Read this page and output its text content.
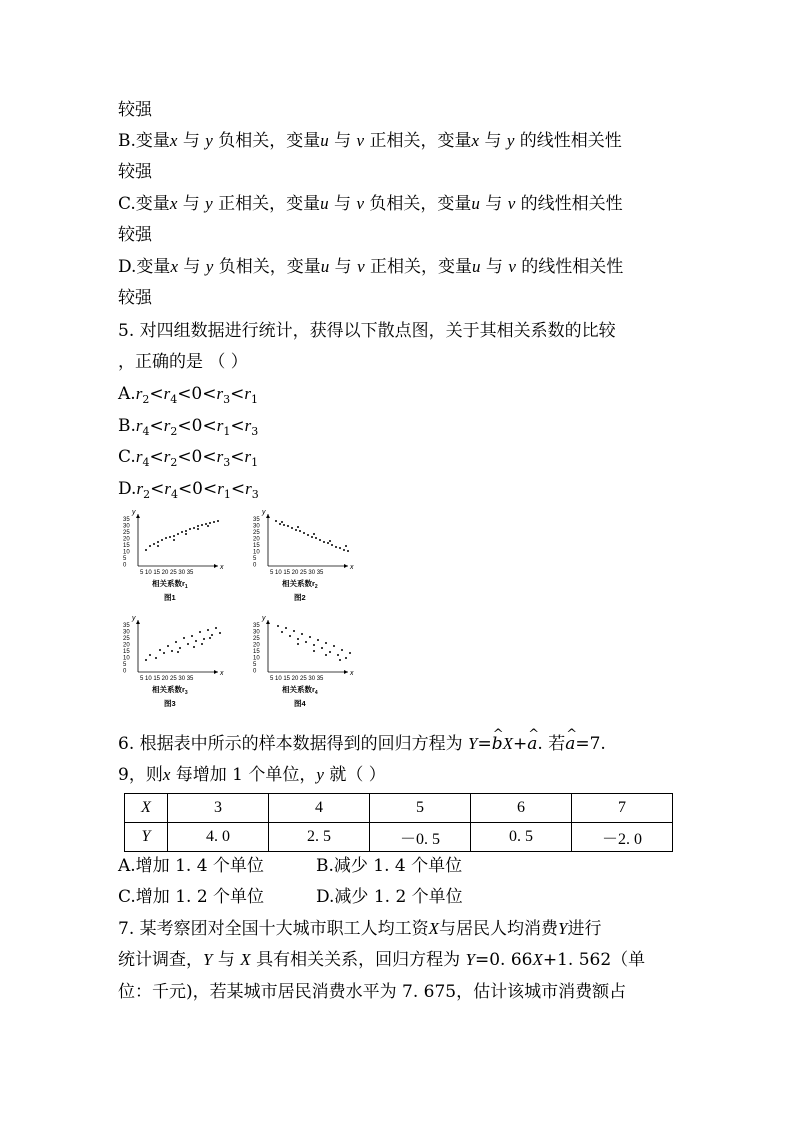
较强
B.变量x 与 y 负相关，变量u 与 v 正相关，变量x 与 y 的线性相关性
较强
C.变量x 与 y 正相关，变量u 与 v 负相关，变量u 与 v 的线性相关性
较强
D.变量x 与 y 负相关，变量u 与 v 正相关，变量u 与 v 的线性相关性
较强
5. 对四组数据进行统计，获得以下散点图，关于其相关系数的比较
，正确的是 （ ）
$A.r_2<r_4<0<r_3<r_1$
$B.r_4<r_2<0<r_1<r_3$
$C.r_4<r_2<0<r_3<r_1$
$D.r_2<r_4<0<r_1<r_3$
y
x
35
30
25
20
15
10
5
0
5 10 15 20 25 30 35
相关系数$r_1$
图1
y
x
35
30
25
20
15
10
5
0
5 10 15 20 25 30 35
相关系数$r_2$
图2
y
x
35
30
25
20
15
10
5
0
5 10 15 20 25 30 35
相关系数$r_3$
图3
y
x
35
30
25
20
15
10
5
0
5 10 15 20 25 30 35
相关系数$r_4$
图4
6. 根据表中所示的样本数据得到的回归方程为 Y=^ bX+^ a. 若^ a=7.
9，则x 每增加 1 个单位，y 就（ ）
X	3	4	5	6	7
Y	4. 0	2. 5	－0. 5	0. 5	－2. 0
A.增加 1. 4 个单位	B.减少 1. 4 个单位
C.增加 1. 2 个单位	D.减少 1. 2 个单位
7. 某考察团对全国十大城市职工人均工资X与居民人均消费Y进行
统计调查，Y 与 X 具有相关关系，回归方程为 Y=0. 66X+1. 562（单
位：千元)，若某城市居民消费水平为 7. 675，估计该城市消费额占
